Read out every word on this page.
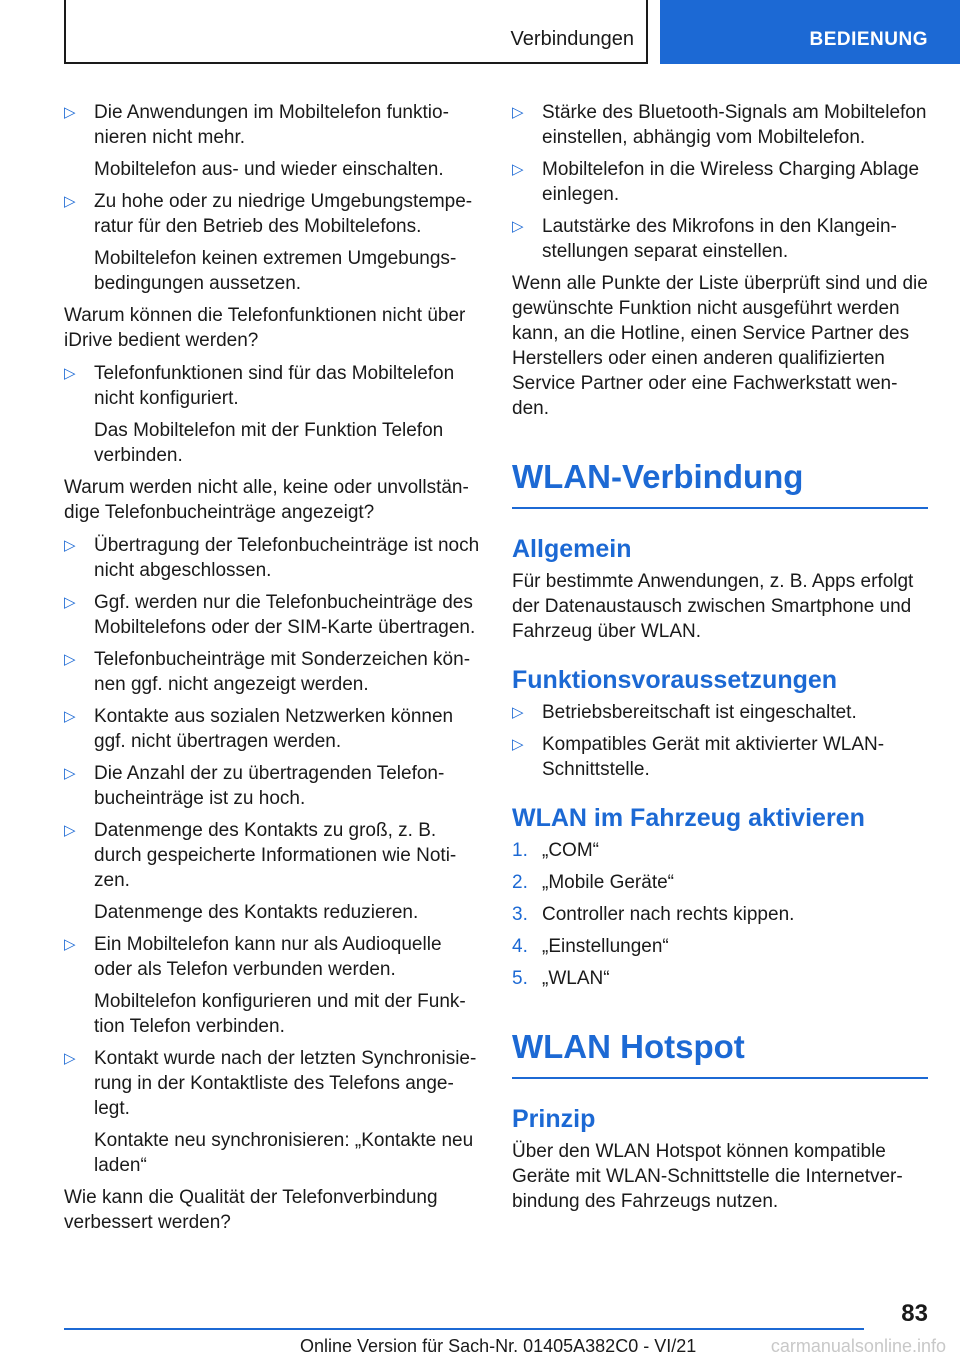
Verbindungen	BEDIENUNG
▷ Die Anwendungen im Mobiltelefon funktionieren nicht mehr.
Mobiltelefon aus- und wieder einschalten.
▷ Zu hohe oder zu niedrige Umgebungstemperatur für den Betrieb des Mobiltelefons.
Mobiltelefon keinen extremen Umgebungsbedingungen aussetzen.

Warum können die Telefonfunktionen nicht über iDrive bedient werden?

▷ Telefonfunktionen sind für das Mobiltelefon nicht konfiguriert.
Das Mobiltelefon mit der Funktion Telefon verbinden.

Warum werden nicht alle, keine oder unvollständige Telefonbucheinträge angezeigt?

▷ Übertragung der Telefonbucheinträge ist noch nicht abgeschlossen.
▷ Ggf. werden nur die Telefonbucheinträge des Mobiltelefons oder der SIM-Karte übertragen.
▷ Telefonbucheinträge mit Sonderzeichen können ggf. nicht angezeigt werden.
▷ Kontakte aus sozialen Netzwerken können ggf. nicht übertragen werden.
▷ Die Anzahl der zu übertragenden Telefonbucheinträge ist zu hoch.
▷ Datenmenge des Kontakts zu groß, z. B. durch gespeicherte Informationen wie Notizen.
Datenmenge des Kontakts reduzieren.
▷ Ein Mobiltelefon kann nur als Audioquelle oder als Telefon verbunden werden.
Mobiltelefon konfigurieren und mit der Funktion Telefon verbinden.
▷ Kontakt wurde nach der letzten Synchronisierung in der Kontaktliste des Telefons angelegt.
Kontakte neu synchronisieren: „Kontakte neu laden“

Wie kann die Qualität der Telefonverbindung verbessert werden?

▷ Stärke des Bluetooth-Signals am Mobiltelefon einstellen, abhängig vom Mobiltelefon.
▷ Mobiltelefon in die Wireless Charging Ablage einlegen.
▷ Lautstärke des Mikrofons in den Klangeinstellungen separat einstellen.

Wenn alle Punkte der Liste überprüft sind und die gewünschte Funktion nicht ausgeführt werden kann, an die Hotline, einen Service Partner des Herstellers oder einen anderen qualifizierten Service Partner oder eine Fachwerkstatt wenden.

WLAN-Verbindung
Allgemein

Für bestimmte Anwendungen, z. B. Apps erfolgt der Datenaustausch zwischen Smartphone und Fahrzeug über WLAN.

Funktionsvoraussetzungen
▷ Betriebsbereitschaft ist eingeschaltet.
▷ Kompatibles Gerät mit aktivierter WLAN-Schnittstelle.
WLAN im Fahrzeug aktivieren
1. „COM“
2. „Mobile Geräte“
3. Controller nach rechts kippen.
4. „Einstellungen“
5. „WLAN“
WLAN Hotspot
Prinzip

Über den WLAN Hotspot können kompatible Geräte mit WLAN-Schnittstelle die Internetverbindung des Fahrzeugs nutzen.

83
Online Version für Sach-Nr. 01405A382C0 - VI/21	carmanualsonline.info
